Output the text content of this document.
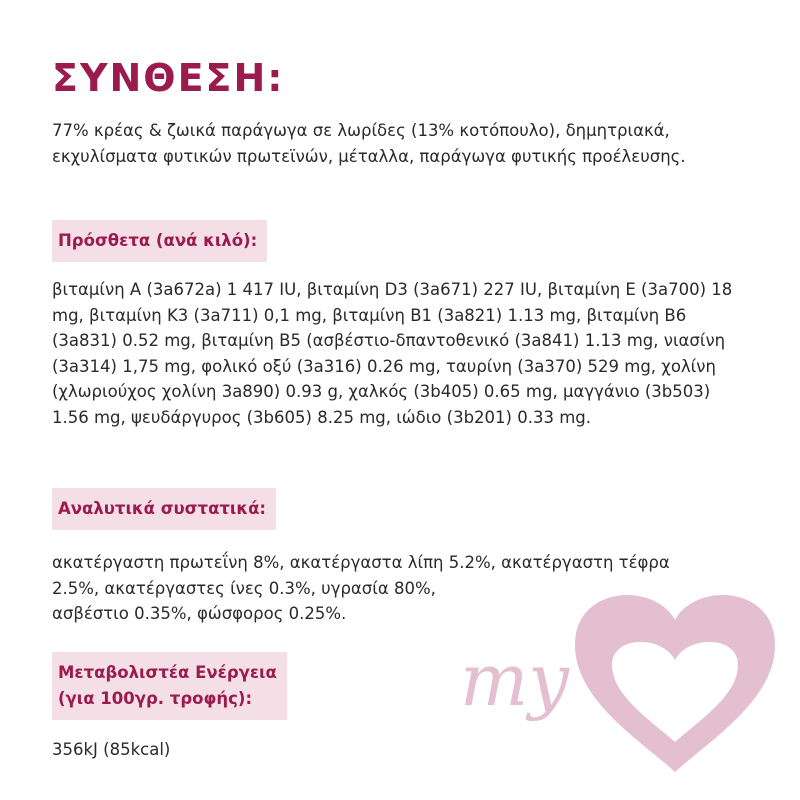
ΣΥΝΘΕΣΗ:
77% κρέας & ζωικά παράγωγα σε λωρίδες (13% κοτόπουλο), δημητριακά, εκχυλίσματα φυτικών πρωτεϊνών, μέταλλα, παράγωγα φυτικής προέλευσης.
Πρόσθετα (ανά κιλό):
βιταμίνη A (3a672a) 1 417 IU, βιταμίνη D3 (3a671) 227 IU, βιταμίνη E (3a700) 18 mg, βιταμίνη K3 (3a711) 0,1 mg, βιταμίνη B1 (3a821) 1.13 mg, βιταμίνη B6 (3a831) 0.52 mg, βιταμίνη B5 (ασβέστιο-δπαντοθενικό (3a841) 1.13 mg, νιασίνη (3a314) 1,75 mg, φολικό οξύ (3a316) 0.26 mg, ταυρίνη (3a370) 529 mg, χολίνη (χλωριούχος χολίνη 3a890) 0.93 g, χαλκός (3b405) 0.65 mg, μαγγάνιο (3b503) 1.56 mg, ψευδάργυρος (3b605) 8.25 mg, ιώδιο (3b201) 0.33 mg.
Αναλυτικά συστατικά:
ακατέργαστη πρωτεΐνη 8%, ακατέργαστα λίπη 5.2%, ακατέργαστη τέφρα
2.5%, ακατέργαστες ίνες 0.3%, υγρασία 80%,
ασβέστιο 0.35%, φώσφορος 0.25%.
Μεταβολιστέα Ενέργεια
(για 100γρ. τροφής):
356kJ (85kcal)
my
